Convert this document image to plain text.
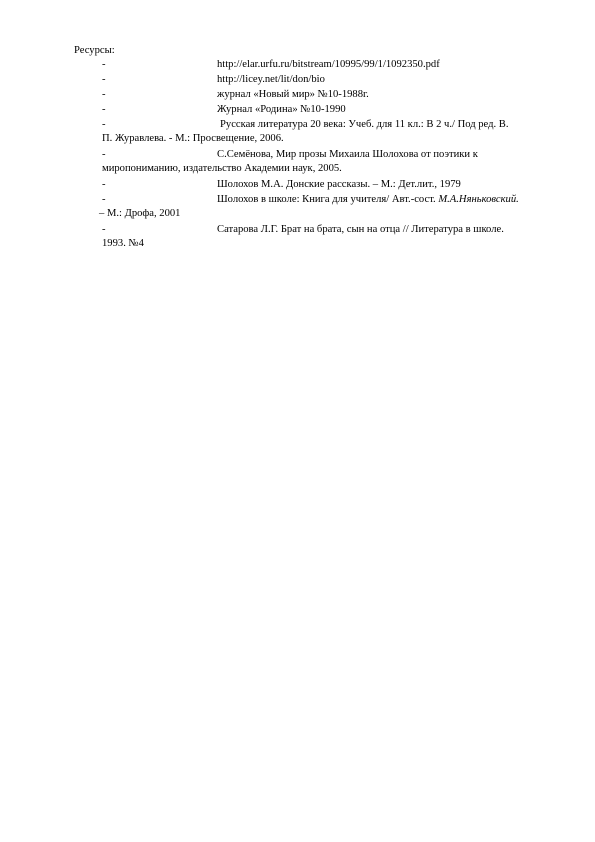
Ресурсы:
-	http://elar.urfu.ru/bitstream/10995/99/1/1092350.pdf
-	http://licey.net/lit/don/bio
-	журнал «Новый мир» №10-1988г.
-	Журнал «Родина» №10-1990
-	Русская литература 20 века: Учеб. для 11 кл.: В 2 ч./ Под ред. В.
П. Журавлева. - М.: Просвещение, 2006.
-	С.Семёнова, Мир прозы Михаила Шолохова от поэтики к
миропониманию, издательство Академии наук, 2005.
-	Шолохов М.А. Донские рассказы. – М.: Дет.лит., 1979
-	Шолохов в школе: Книга для учителя/ Авт.-сост. М.А.Няньковский.
– М.: Дрофа, 2001
-	Сатарова Л.Г. Брат на брата, сын на отца // Литература в школе.
1993. №4
